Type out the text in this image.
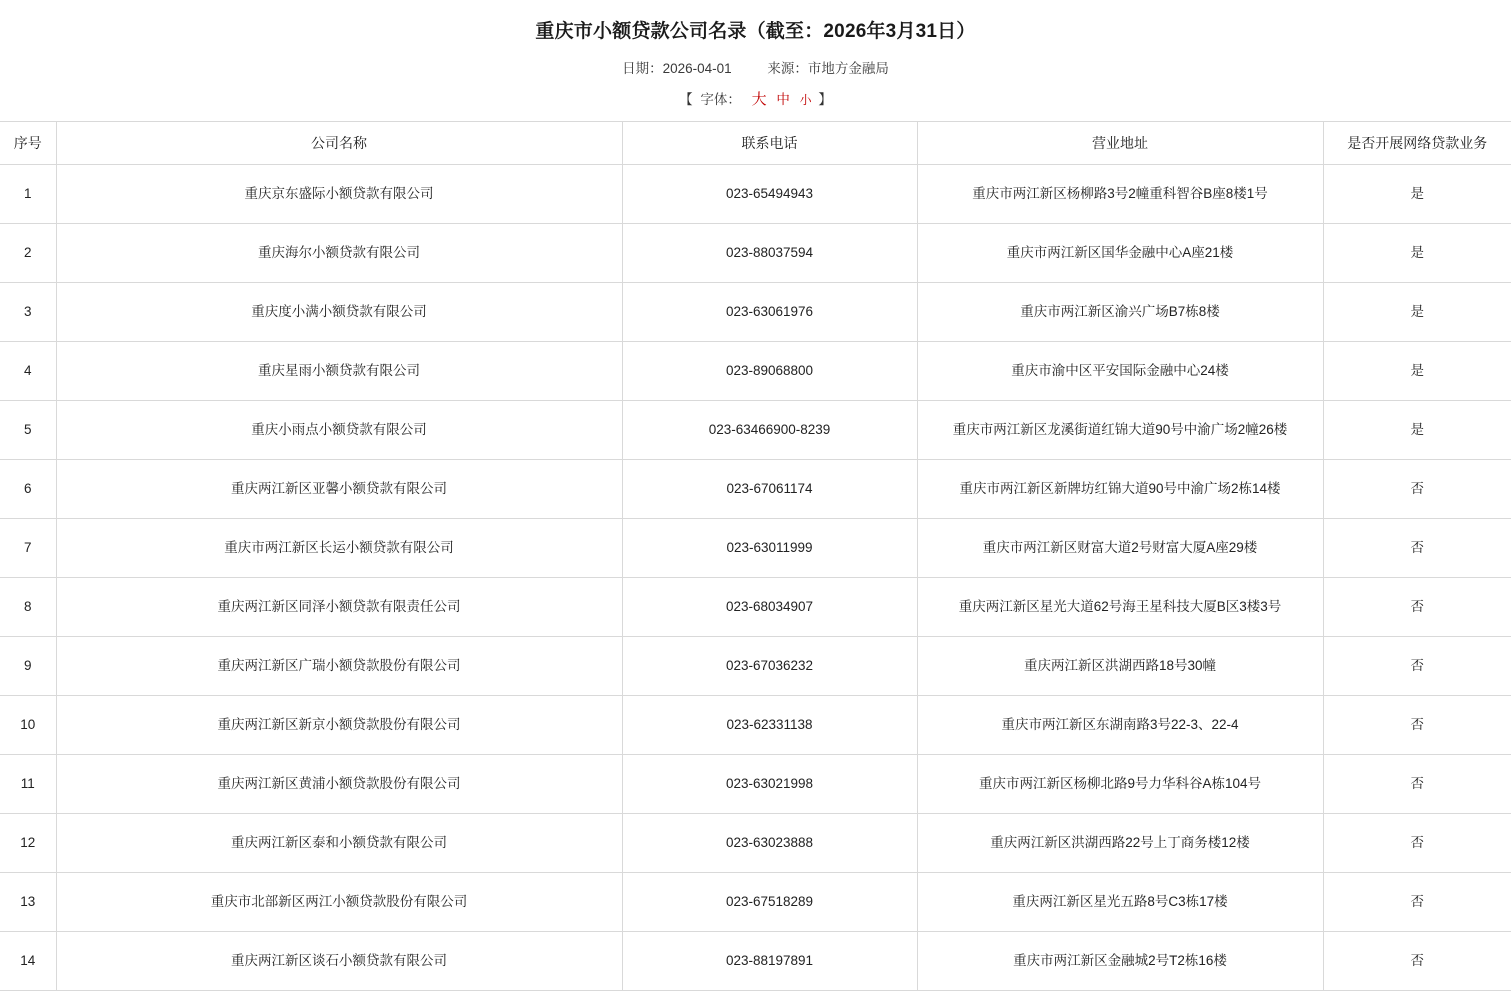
重庆市小额贷款公司名录（截至：2026年3月31日）
日期：2026-04-01	来源：市地方金融局
【 字体： 大 中 小 】
序号	公司名称	联系电话	营业地址	是否开展网络贷款业务
1	重庆京东盛际小额贷款有限公司	023-65494943	重庆市两江新区杨柳路3号2幢重科智谷B座8楼1号	是
2	重庆海尔小额贷款有限公司	023-88037594	重庆市两江新区国华金融中心A座21楼	是
3	重庆度小满小额贷款有限公司	023-63061976	重庆市两江新区渝兴广场B7栋8楼	是
4	重庆星雨小额贷款有限公司	023-89068800	重庆市渝中区平安国际金融中心24楼	是
5	重庆小雨点小额贷款有限公司	023-63466900-8239	重庆市两江新区龙溪街道红锦大道90号中渝广场2幢26楼	是
6	重庆两江新区亚馨小额贷款有限公司	023-67061174	重庆市两江新区新牌坊红锦大道90号中渝广场2栋14楼	否
7	重庆市两江新区长运小额贷款有限公司	023-63011999	重庆市两江新区财富大道2号财富大厦A座29楼	否
8	重庆两江新区同泽小额贷款有限责任公司	023-68034907	重庆两江新区星光大道62号海王星科技大厦B区3楼3号	否
9	重庆两江新区广瑞小额贷款股份有限公司	023-67036232	重庆两江新区洪湖西路18号30幢	否
10	重庆两江新区新京小额贷款股份有限公司	023-62331138	重庆市两江新区东湖南路3号22-3、22-4	否
11	重庆两江新区黄浦小额贷款股份有限公司	023-63021998	重庆市两江新区杨柳北路9号力华科谷A栋104号	否
12	重庆两江新区泰和小额贷款有限公司	023-63023888	重庆两江新区洪湖西路22号上丁商务楼12楼	否
13	重庆市北部新区两江小额贷款股份有限公司	023-67518289	重庆两江新区星光五路8号C3栋17楼	否
14	重庆两江新区谈石小额贷款有限公司	023-88197891	重庆市两江新区金融城2号T2栋16楼	否
